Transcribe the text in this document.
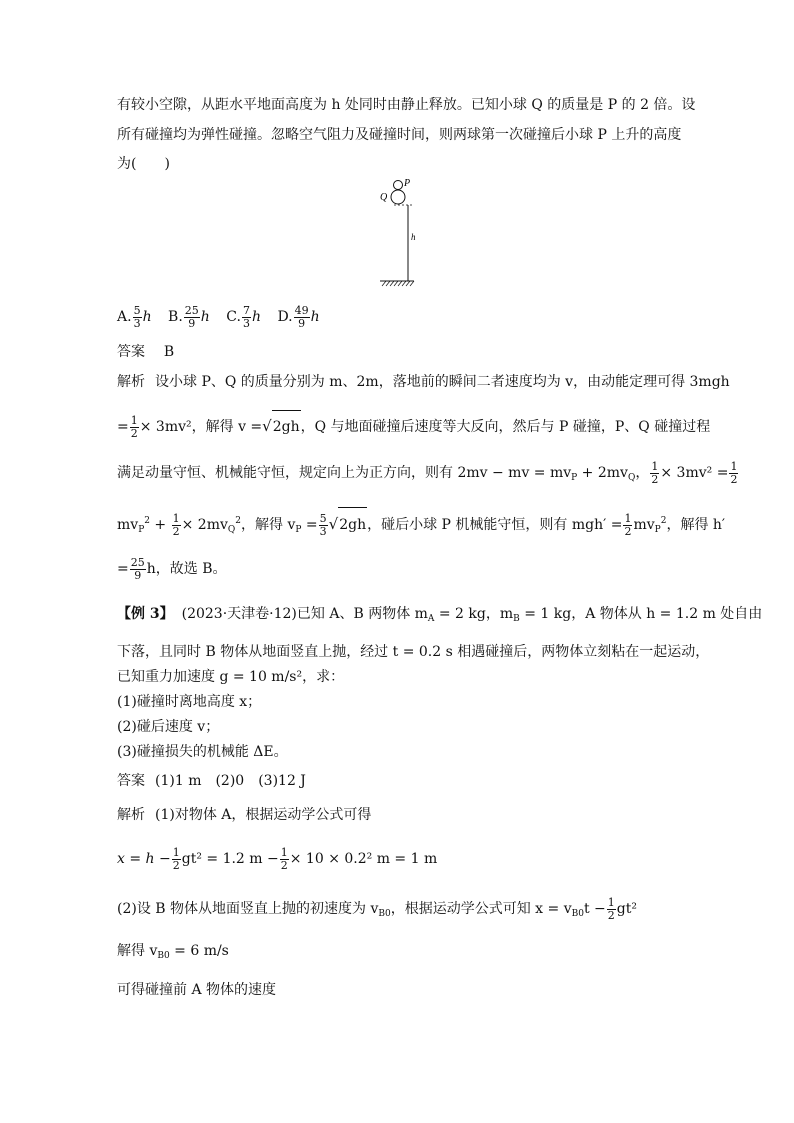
有较小空隙，从距水平地面高度为 h 处同时由静止释放。已知小球 Q 的质量是 P 的 2 倍。设
所有碰撞均为弹性碰撞。忽略空气阻力及碰撞时间，则两球第一次碰撞后小球 P 上升的高度
为(　　)
P
Q
h
A. $\frac{5}{3}$ h B. $\frac{25}{9}$ h C. $\frac{7}{3}$ h D. $\frac{49}{9}$ h
答案 B
解析 设小球 P、Q 的质量分别为 m、2m，落地前的瞬间二者速度均为 v，由动能定理可得 3mgh
= $\frac{1}{2} \times 3mv^2$，解得 v =√2gh，Q 与地面碰撞后速度等大反向，然后与 P 碰撞，P、Q 碰撞过程
满足动量守恒、机械能守恒，规定向上为正方向，则有 2mv − mv = $mv_P + 2mv_Q$， $\frac{1}{2} \times 3mv^2 = \frac{1}{2}$
$mv_P^2 + \frac{1}{2} \times 2mv_Q^2$，解得 $v_P = \frac{5}{3} √2gh$，碰后小球 P 机械能守恒，则有 $mgh' = \frac{1}{2} mv_P^2$，解得 h′
= $\frac{25}{9}$ h，故选 B。
【例 3】 (2023·天津卷·12)已知 A、B 两物体 $m_A = 2$ kg，$m_B = 1$ kg，A 物体从 h = 1.2 m 处自由
下落，且同时 B 物体从地面竖直上抛，经过 t = 0.2 s 相遇碰撞后，两物体立刻粘在一起运动，
已知重力加速度 g = 10 m/s²，求：
(1)碰撞时离地高度 x；
(2)碰后速度 v；
(3)碰撞损失的机械能 ΔE。
答案 (1)1 m　(2)0　(3)12 J
解析 (1)对物体 A，根据运动学公式可得
$x = h - \frac{1}{2} gt^2 = 1.2$ $m - \frac{1}{2} \times 10 \times 0.2^2$ m = 1 m
(2)设 B 物体从地面竖直上抛的初速度为 $v_{B0}$，根据运动学公式可知 $x = v_{B0}t - \frac{1}{2} gt^2$
解得 $v_{B0} = 6$ m/s
可得碰撞前 A 物体的速度
